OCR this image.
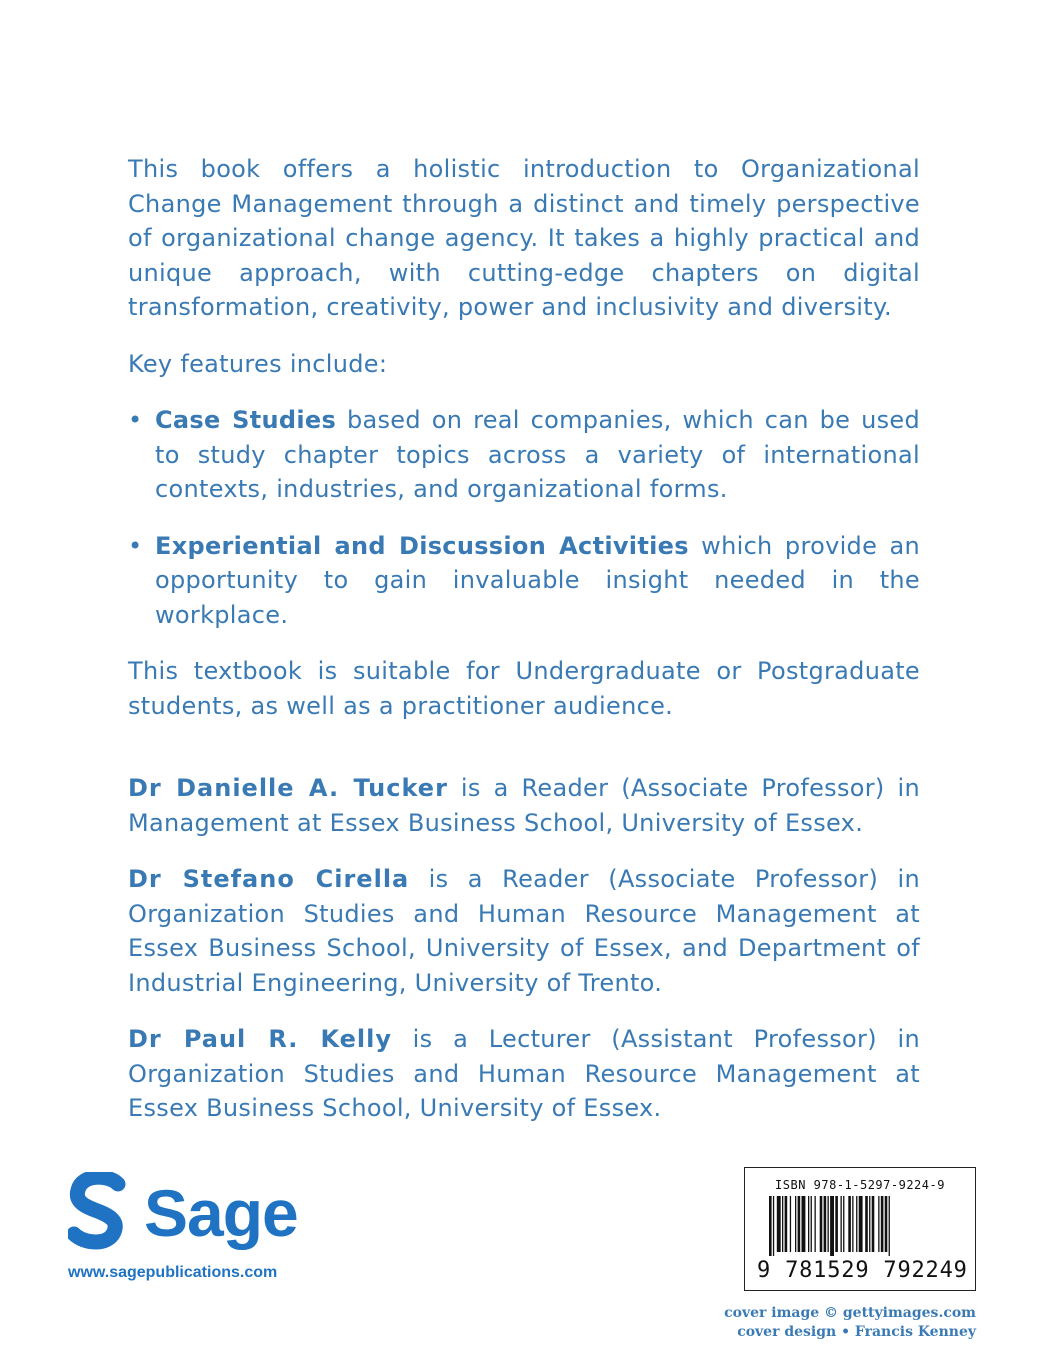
This book offers a holistic introduction to Organizational Change Management through a distinct and timely perspective of organizational change agency. It takes a highly practical and unique approach, with cutting-edge chapters on digital transformation, creativity, power and inclusivity and diversity.

Key features include:

• Case Studies based on real companies, which can be used to study chapter topics across a variety of international contexts, industries, and organizational forms.
• Experiential and Discussion Activities which provide an opportunity to gain invaluable insight needed in the workplace.

This textbook is suitable for Undergraduate or Postgraduate students, as well as a practitioner audience.

Dr Danielle A. Tucker is a Reader (Associate Professor) in Management at Essex Business School, University of Essex.

Dr Stefano Cirella is a Reader (Associate Professor) in Organization Studies and Human Resource Management at Essex Business School, University of Essex, and Department of Industrial Engineering, University of Trento.

Dr Paul R. Kelly is a Lecturer (Assistant Professor) in Organization Studies and Human Resource Management at Essex Business School, University of Essex.

Sage
www.sagepublications.com
ISBN 978-1-5297-9224-9
9 781529 792249
cover image © gettyimages.com
cover design • Francis Kenney
